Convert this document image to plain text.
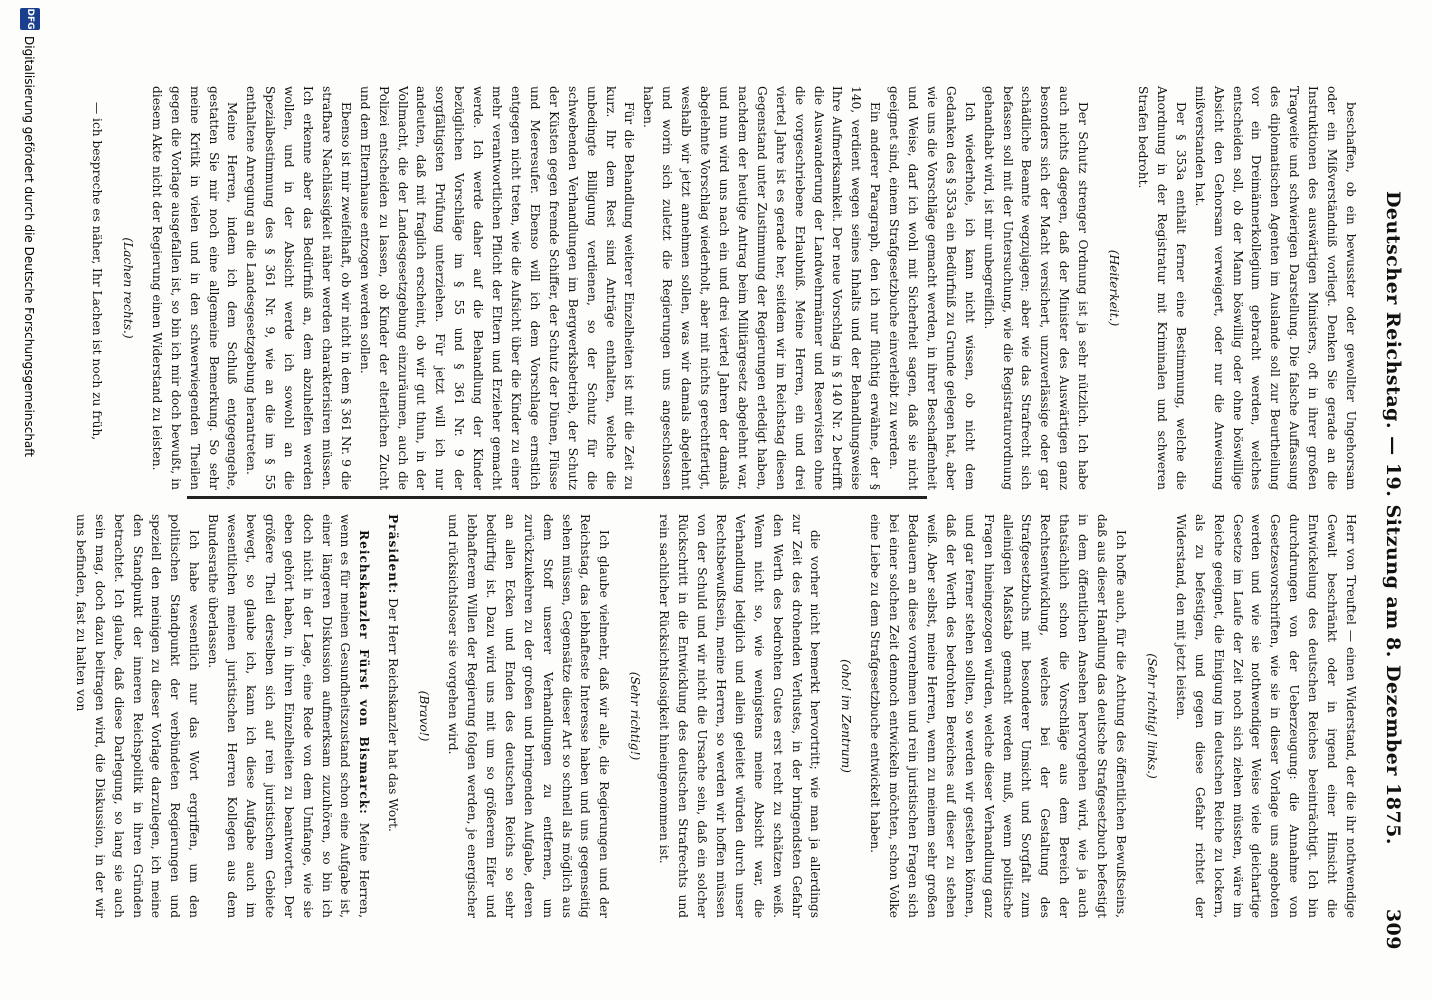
Deutscher Reichstag. — 19. Sitzung am 8. Dezember 1875.
309

beschaffen, ob ein bewusster oder gewollter Ungehorsam oder ein Mißverständniß vorliegt. Denken Sie gerade an die Instruktionen des auswärtigen Ministers, oft in ihrer großen Tragweite und schwierigen Darstellung. Die falsche Auffassung des diplomatischen Agenten im Auslande soll zur Beurtheilung vor ein Dreimännerkollegium gebracht werden, welches entscheiden soll, ob der Mann böswillig oder ohne böswillige Absicht den Gehorsam verweigert, oder nur die Anweisung mißverstanden hat.

Der § 353a enthält ferner eine Bestimmung, welche die Anordnung in der Registratur mit Kriminalen und schweren Strafen bedroht.

(Heiterkeit.)

Der Schutz strenger Ordnung ist ja sehr nützlich. Ich habe auch nichts dagegen, daß der Minister des Auswärtigen ganz besonders sich der Macht versichert, unzuverlässige oder gar schädliche Beamte wegzujagen; aber wie das Strafrecht sich befassen soll mit der Untersuchung, wie die Registraturordnung gehandhabt wird, ist mir unbegreiflich.

Ich wiederhole, ich kann nicht wissen, ob nicht dem Gedanken des § 353a ein Bedürfniß zu Grunde gelegen hat, aber wie uns die Vorschläge gemacht werden, in ihrer Beschaffenheit und Weise, darf ich wohl mit Sicherheit sagen, daß sie nicht geeignet sind, einem Strafgesetzbuche einverleibt zu werden.

Ein anderer Paragraph, den ich nur flüchtig erwähne, der § 140, verdient wegen seines Inhalts und der Behandlungsweise Ihre Aufmerksamkeit. Der neue Vorschlag in § 140 Nr. 2 betrifft die Auswanderung der Landwehrmänner und Reservisten ohne die vorgeschriebene Erlaubniß. Meine Herren, ein und drei viertel Jahre ist es gerade her, seitdem wir im Reichstag diesen Gegenstand unter Zustimmung der Regierungen erledigt haben, nachdem der heutige Antrag beim Militärgesetz abgelehnt war, und nun wird uns nach ein und drei viertel Jahren der damals abgelehnte Vorschlag wiederholt, aber mit nichts gerechtfertigt, weshalb wir jetzt annehmen sollen, was wir damals abgelehnt und worin sich zuletzt die Regierungen uns angeschlossen haben.

Für die Behandlung weiterer Einzelheiten ist mit die Zeit zu kurz. Ihr dem Rest sind Anträge enthalten, welche die unbedingte Billigung verdienen, so der Schutz für die schwebenden Verhandlungen im Bergwerksbetrieb, der Schutz der Küsten gegen fremde Schiffer, der Schutz der Dünen, Flüsse und Meeresufer. Ebenso will ich dem Vorschlage ernstlich entgegen nicht treten, wie die Aufsicht über die Kinder zu einer mehr verantwortlichen Pflicht der Eltern und Erzieher gemacht werde. Ich werde daher auf die Behandlung der Kinder bezüglichen Vorschläge im § 55 und § 361 Nr. 9 der sorgfältigsten Prüfung unterziehen. Für jetzt will ich nur andeuten, daß mit fraglich erscheint, ob wir gut thun, in der Vollmacht, die der Landesgesetzgebung einzuräumen, auch die Polizei entscheiden zu lassen, ob Kinder der elterlichen Zucht und dem Elternhause entzogen werden sollen.

Ebenso ist mir zweifelhaft, ob wir nicht in dem § 361 Nr. 9 die strafbare Nachlässigkeit näher werden charakterisiren müssen. Ich erkenne aber das Bedürfniß an, dem abzuhelfen werden wollen, und in der Absicht werde ich sowohl an die Spezialbestimmung des § 361 Nr. 9, wie an die im § 55 enthaltene Anregung an die Landesgesetzgebung herantreten.

Meine Herren, indem ich dem Schluß entgegengehe, gestatten Sie mir noch eine allgemeine Bemerkung. So sehr meine Kritik in vielen und in den schwerwiegenden Theilen gegen die Vorlage ausgefallen ist, so bin ich mir doch bewußt, in diesem Akte nicht der Regierung einen Widerstand zu leisten.

(Lachen rechts.)

— ich bespreche es näher, Ihr Lachen ist noch zu früh,

Herr von Treuftel — einen Widerstand, der die ihr nothwendige Gewalt beschränkt oder in irgend einer Hinsicht die Entwickelung des deutschen Reiches beeinträchtigt. Ich bin durchdrungen von der Ueberzeugung: die Annahme von Gesetzesvorschriften, wie sie in dieser Vorlage uns angeboten werden und wie sie nothwendiger Weise viele gleichartige Gesetze im Laufe der Zeit noch sich ziehen müssten, wäre im Reiche geeignet, die Einigung im deutschen Reiche zu lockern, als zu befestigen, und gegen diese Gefahr richtet der Widerstand, den mit jetzt leisten.

(Sehr richtig! links.)

Ich hoffe auch, für die Achtung des öffentlichen Bewußtseins, daß aus dieser Handlung das deutsche Strafgesetzbuch befestigt in dem öffentlichen Ansehen hervorgehen wird, wie ja auch thatsächlich schon die Vorschläge aus dem Bereich der Rechtsentwicklung, welches bei der Gestaltung des Strafgesetzbuchs mit besonderer Umsicht und Sorgfalt zum alleinigen Maßstab gemacht werden muß, wenn politische Fragen hineingezogen würden, welche dieser Verhandlung ganz und gar ferner stehen sollten, so werden wir gestehen können, daß der Werth des bedrohten Bereiches auf dieser zu stehen weiß. Aber selbst, meine Herren, wenn zu meinem sehr großen Bedauern an diese vornehmen und rein juristischen Fragen sich bei einer solchen Zeit dennoch entwickeln möchten, schon Volke eine Liebe zu dem Strafgesetzbuche entwickelt haben.

(oho! im Zentrum)

die vorher nicht bemerkt hervortritt; wie man ja allerdings zur Zeit des drohenden Verlustes, in der bringendsten Gefahr den Werth des bedrohten Gutes erst recht zu schätzen weiß. Wenn nicht so, wie wenigstens meine Absicht war, die Verhandlung lediglich und allein geleitet würden durch unser Rechtsbewußtsein, meine Herren, so werden wir hoffen müssen von der Schuld und wir nicht die Ursache sein, daß ein solcher Rückschritt in die Entwicklung des deutschen Strafrechts und rein sachlicher Rücksichtslosigkeit hineingenommen ist.

(Sehr richtig!)

Ich glaube vielmehr, daß wir alle, die Regierungen und der Reichstag, das lebhafteste Interesse haben und uns gegenseitig sehen müssen, Gegensätze dieser Art so schnell als möglich aus dem Stoff unserer Verhandlungen zu entfernen, um zurückzukehren zu der großen und bringenden Aufgabe, deren an allen Ecken und Enden des deutschen Reichs so sehr bedürftig ist. Dazu wird uns mit um so größerem Eifer und lebhafterem Willen der Regierung folgen werden, je energischer und rücksichtsloser sie vorgehen wird.

(Bravo!)

Präsident: Der Herr Reichskanzler hat das Wort.

Reichskanzler Fürst von Bismarck: Meine Herren, wenn es für meinen Gesundheitszustand schon eine Aufgabe ist, einer längeren Diskussion aufmerksam zuzuhören, so bin ich doch nicht in der Lage, eine Rede von dem Umfange, wie sie eben gehört haben, in ihren Einzelheiten zu beantworten. Der größere Theil derselben sich auf rein juristischem Gebiete bewegt, so glaube ich, kann ich diese Aufgabe auch im wesentlichen meinen juristischen Herren Kollegen aus dem Bundesrathe überlassen.

Ich habe wesentlich nur das Wort ergriffen, um den politischen Standpunkt der verbündeten Regierungen und speziell den meinigen zu dieser Vorlage darzulegen, ich meine den Standpunkt der inneren Reichspolitik in ihren Gründen betrachtet. Ich glaube, daß diese Darlegung, so lang sie auch sein mag, doch dazu beitragen wird, die Diskussion, in der wir uns befinden, fast zu halten von

DFG
Digitalisierung gefördert durch die Deutsche Forschungsgemeinschaft
